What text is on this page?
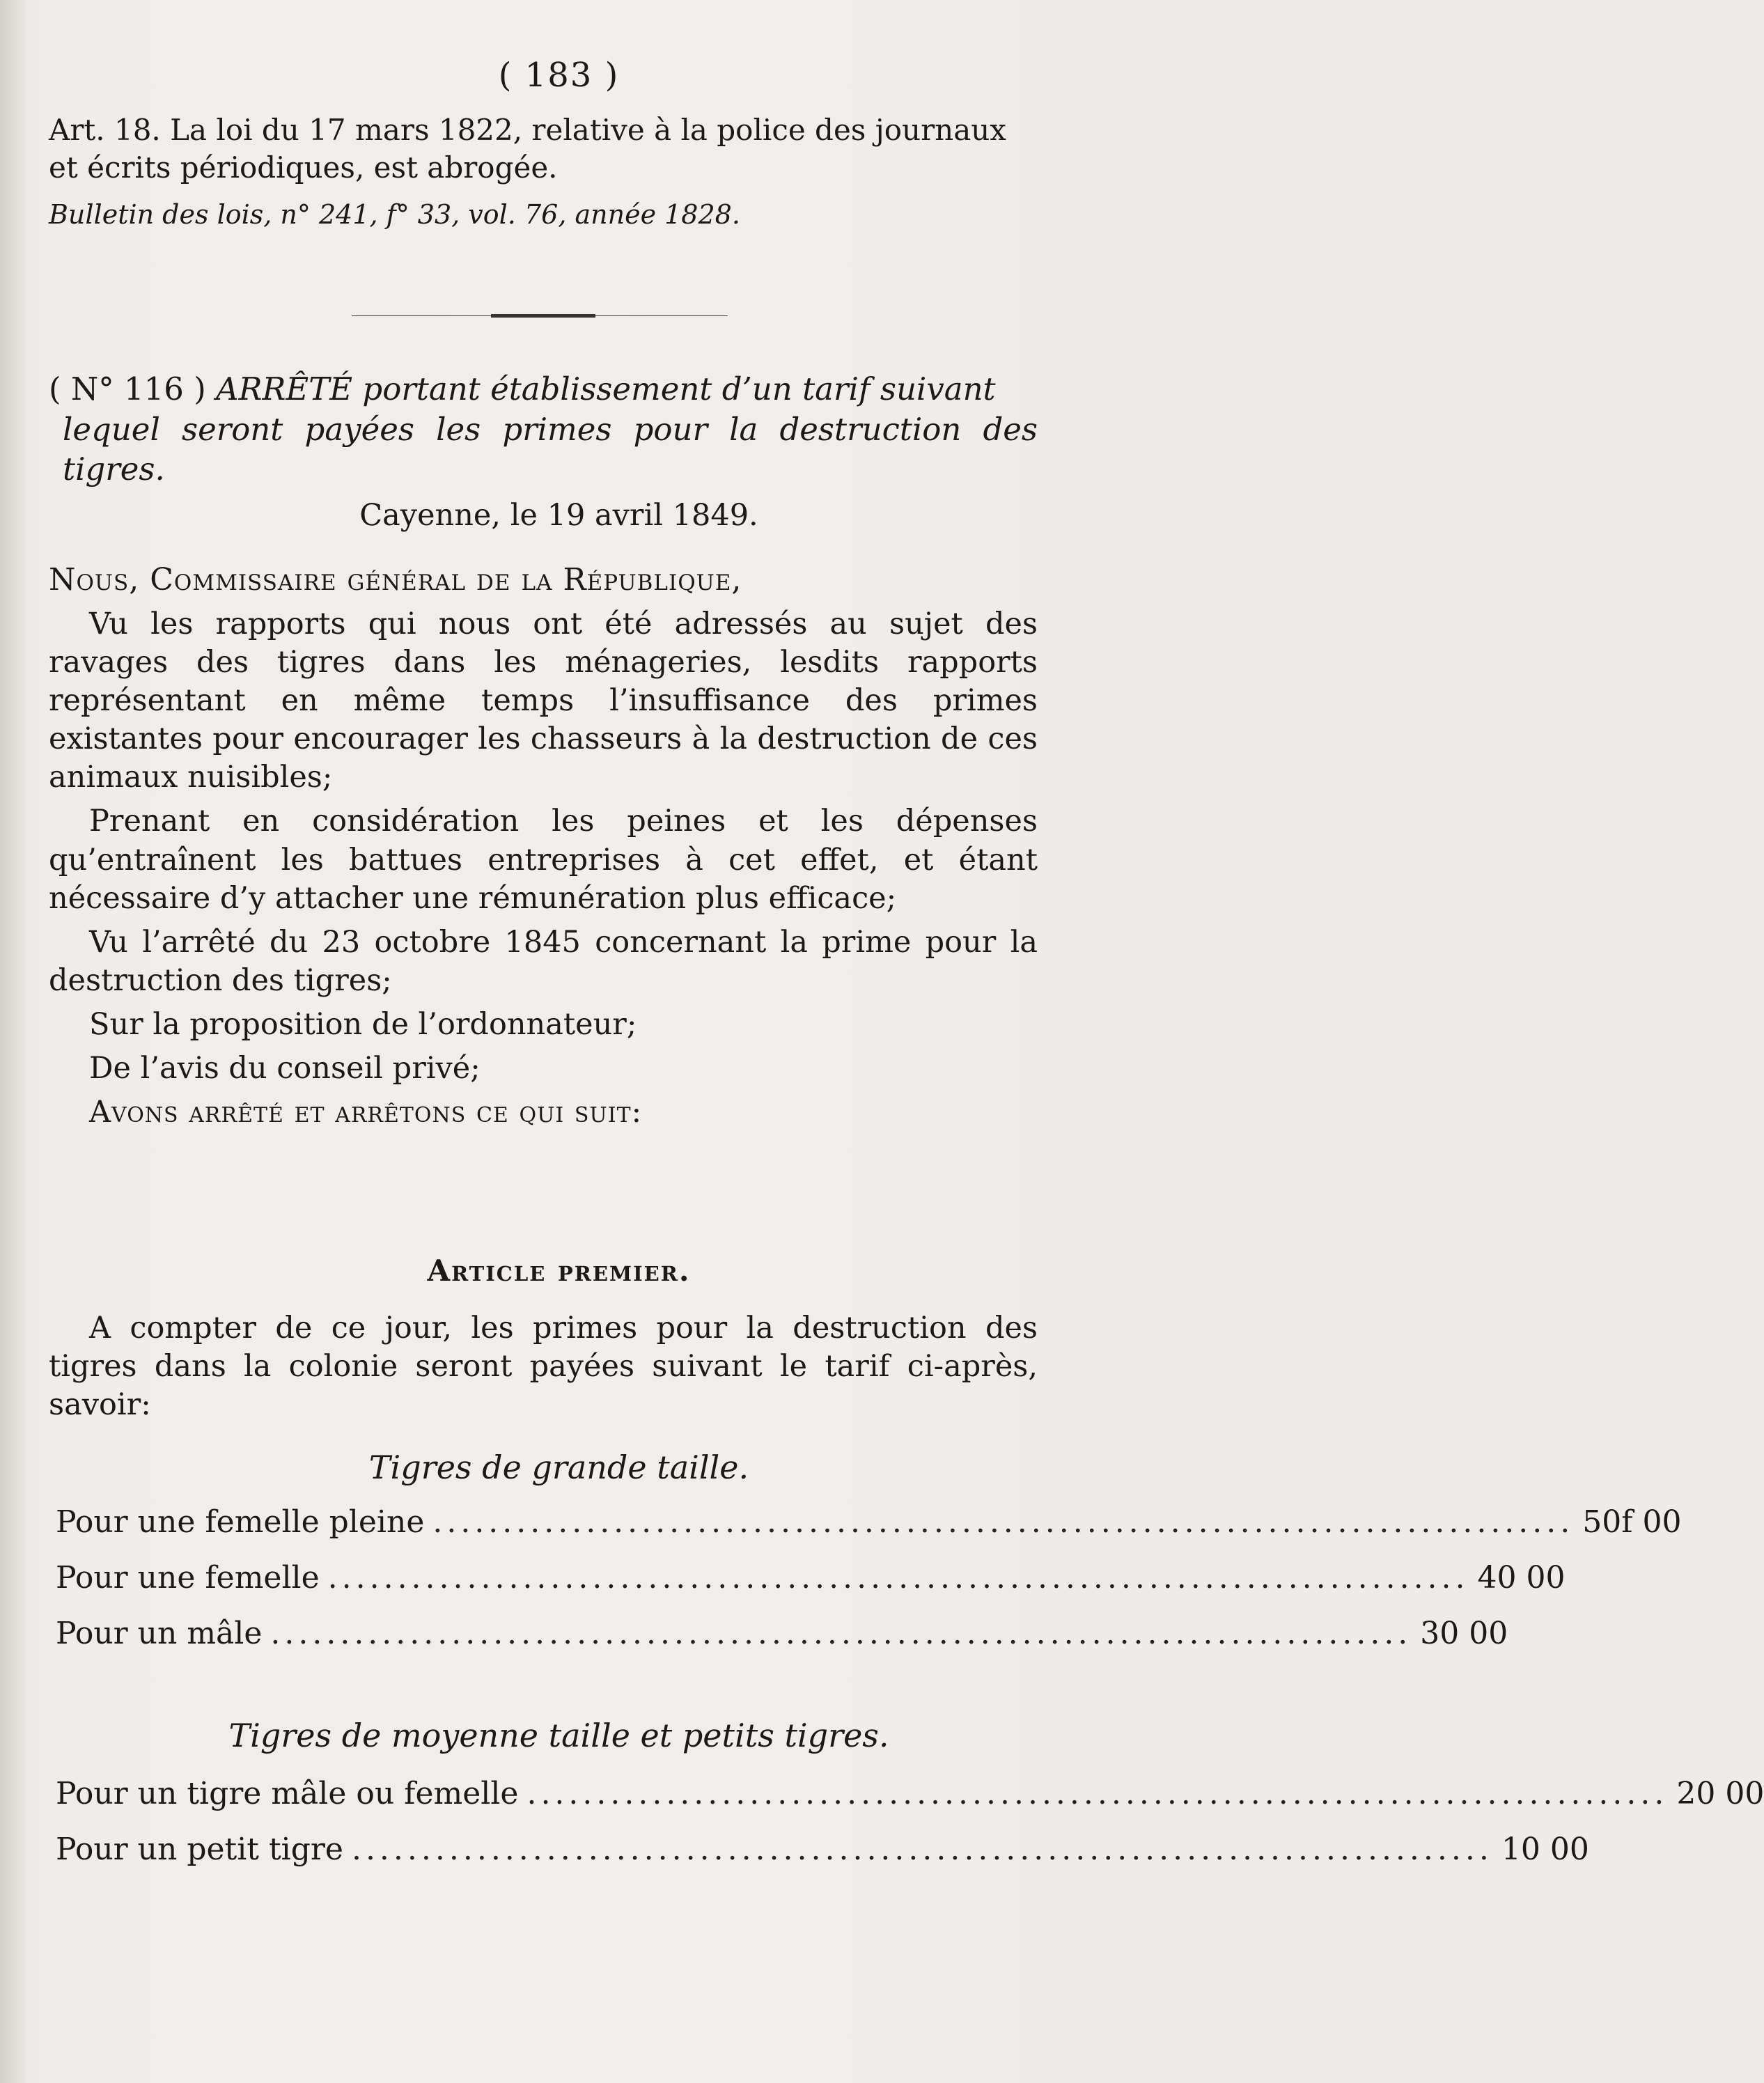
( 183 )

Art. 18. La loi du 17 mars 1822, relative à la police des journaux

et écrits périodiques, est abrogée.

Bulletin des lois, n° 241, f° 33, vol. 76, année 1828.

( N° 116 ) ARRÊTÉ portant établissement d’un tarif suivant

lequel seront payées les primes pour la destruction des tigres.

Cayenne, le 19 avril 1849.

Nous, Commissaire général de la République,

Vu les rapports qui nous ont été adressés au sujet des ravages des tigres dans les ménageries, lesdits rapports représentant en même temps l’insuffisance des primes existantes pour encourager les chasseurs à la destruction de ces animaux nuisibles;

Prenant en considération les peines et les dépenses qu’entraînent les battues entreprises à cet effet, et étant nécessaire d’y attacher une rémunération plus efficace;

Vu l’arrêté du 23 octobre 1845 concernant la prime pour la destruction des tigres;

Sur la proposition de l’ordonnateur;

De l’avis du conseil privé;

Avons arrêté et arrêtons ce qui suit:

Article premier.

A compter de ce jour, les primes pour la destruction des tigres dans la colonie seront payées suivant le tarif ci-après, savoir:

Tigres de grande taille.
Pour une femelle pleine .................................................................................. 50f 00
Pour une femelle .................................................................................. 40 00
Pour un mâle .................................................................................. 30 00
Tigres de moyenne taille et petits tigres.
Pour un tigre mâle ou femelle .................................................................................. 20 00
Pour un petit tigre .................................................................................. 10 00
